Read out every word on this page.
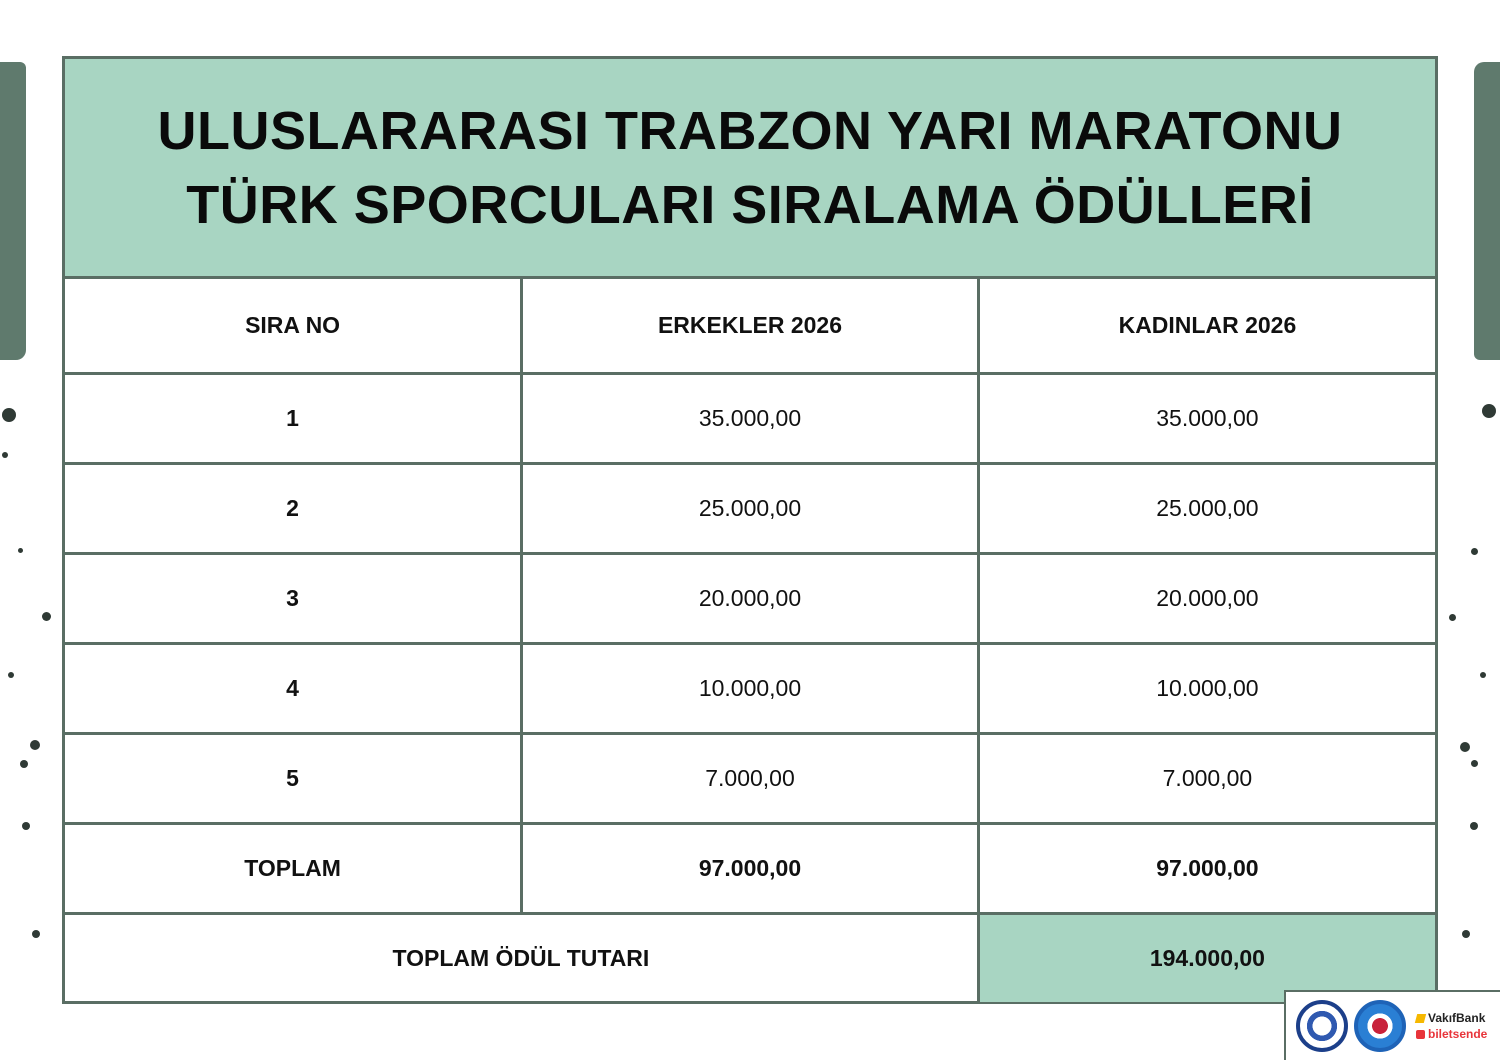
ULUSLARARASI TRABZON YARI MARATONU TÜRK SPORCULARI SIRALAMA ÖDÜLLERİ
SIRA NO	ERKEKLER 2026	KADINLAR 2026
1	35.000,00	35.000,00
2	25.000,00	25.000,00
3	20.000,00	20.000,00
4	10.000,00	10.000,00
5	7.000,00	7.000,00
TOPLAM	97.000,00	97.000,00
TOPLAM ÖDÜL TUTARI		194.000,00
VakıfBank
biletsende
